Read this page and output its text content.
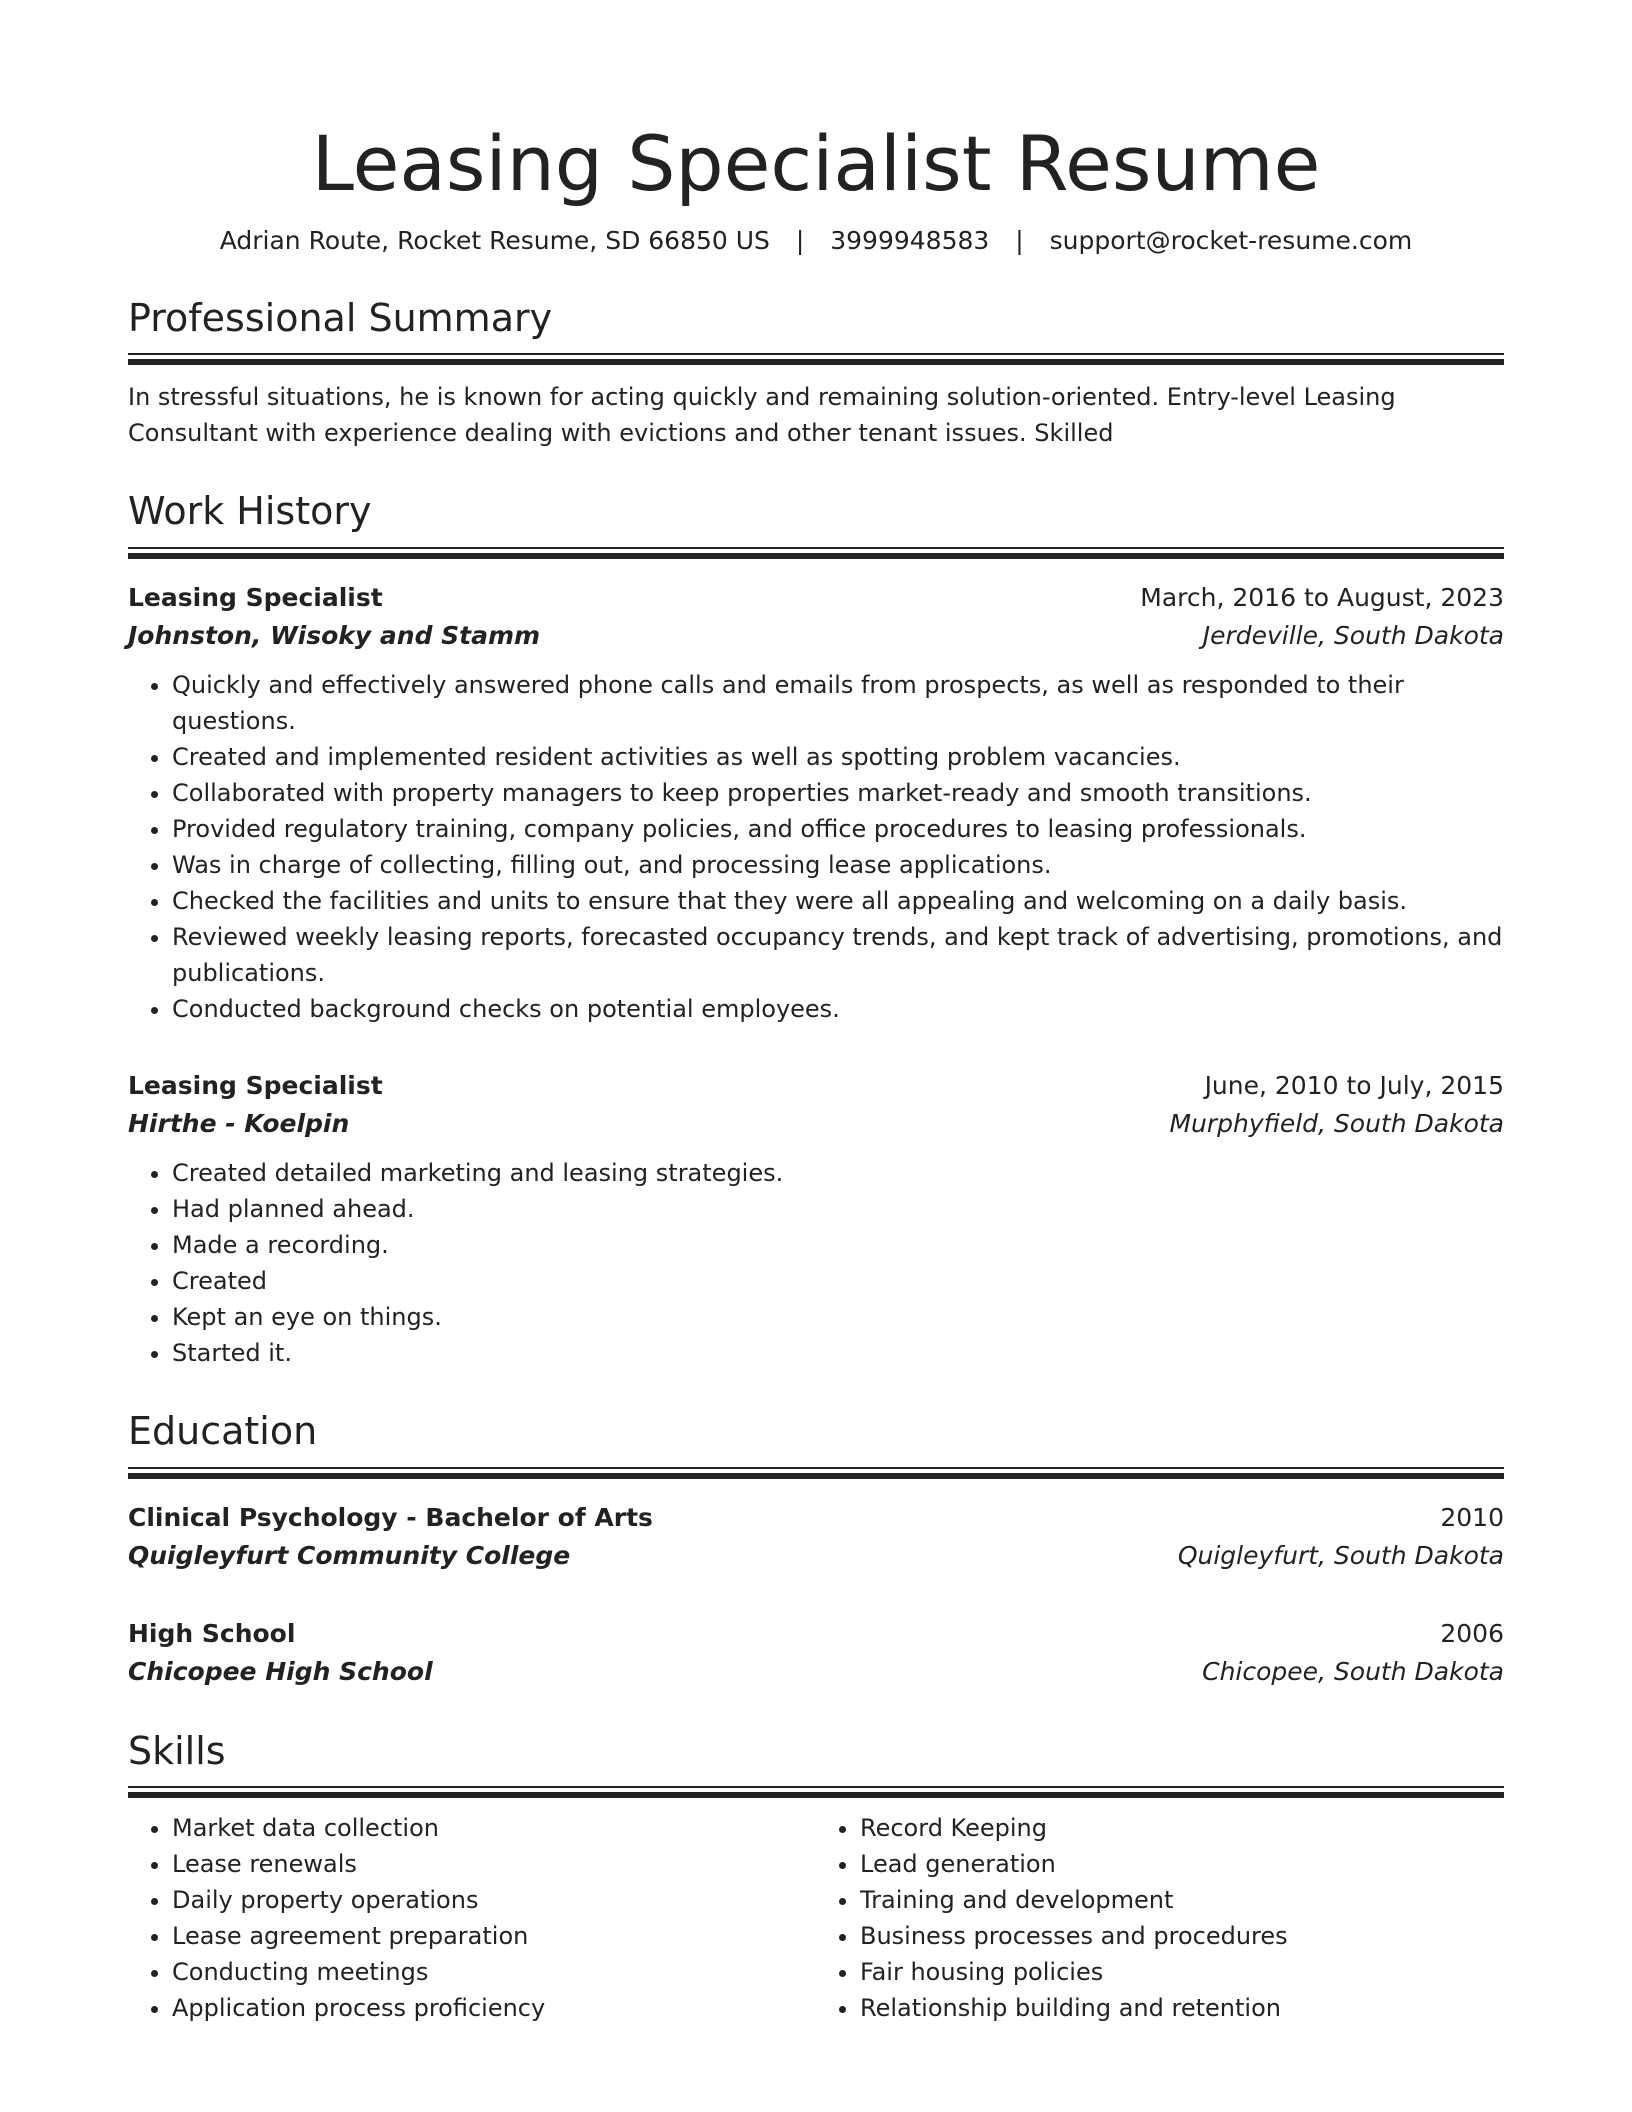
Leasing Specialist Resume
Adrian Route, Rocket Resume, SD 66850 US | 3999948583 | support@rocket-resume.com
Professional Summary
In stressful situations, he is known for acting quickly and remaining solution-oriented. Entry-level Leasing Consultant with experience dealing with evictions and other tenant issues. Skilled
Work History
Leasing Specialist	March, 2016 to August, 2023
Johnston, Wisoky and Stamm	Jerdeville, South Dakota
• Quickly and effectively answered phone calls and emails from prospects, as well as responded to their questions.
• Created and implemented resident activities as well as spotting problem vacancies.
• Collaborated with property managers to keep properties market-ready and smooth transitions.
• Provided regulatory training, company policies, and office procedures to leasing professionals.
• Was in charge of collecting, filling out, and processing lease applications.
• Checked the facilities and units to ensure that they were all appealing and welcoming on a daily basis.
• Reviewed weekly leasing reports, forecasted occupancy trends, and kept track of advertising, promotions, and publications.
• Conducted background checks on potential employees.
Leasing Specialist	June, 2010 to July, 2015
Hirthe - Koelpin	Murphyfield, South Dakota
• Created detailed marketing and leasing strategies.
• Had planned ahead.
• Made a recording.
• Created
• Kept an eye on things.
• Started it.
Education
Clinical Psychology - Bachelor of Arts	2010
Quigleyfurt Community College	Quigleyfurt, South Dakota
High School	2006
Chicopee High School	Chicopee, South Dakota
Skills
• Market data collection
• Lease renewals
• Daily property operations
• Lease agreement preparation
• Conducting meetings
• Application process proficiency
• Record Keeping
• Lead generation
• Training and development
• Business processes and procedures
• Fair housing policies
• Relationship building and retention
